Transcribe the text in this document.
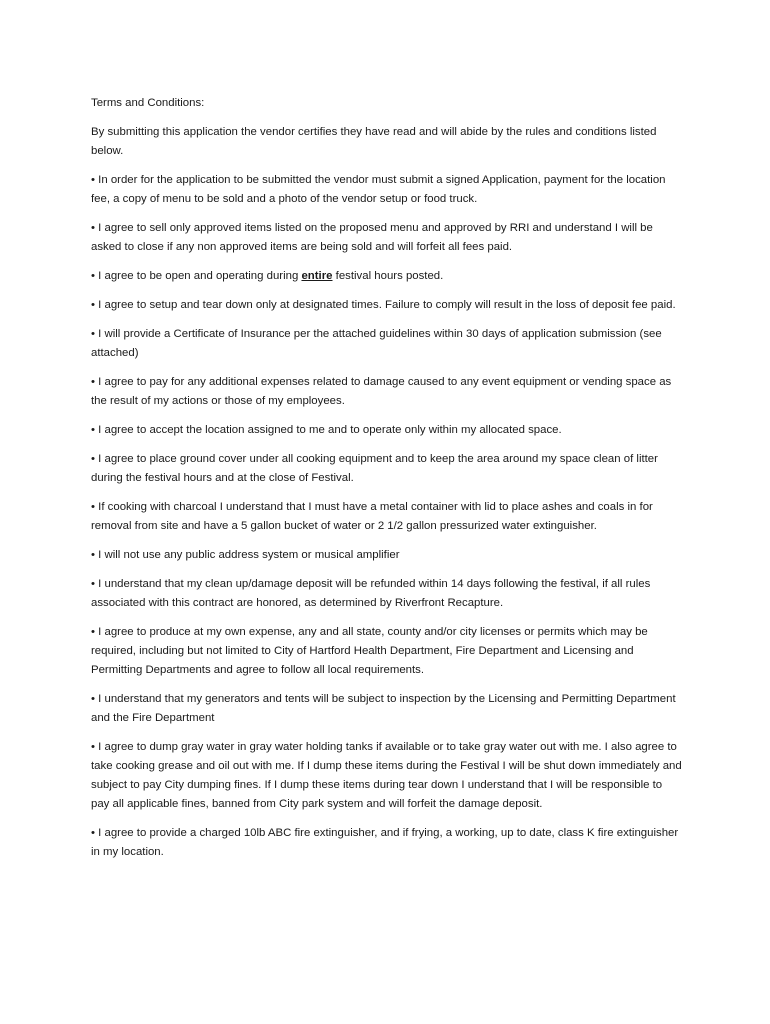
Terms and Conditions:
By submitting this application the vendor certifies they have read and will abide by the rules and conditions listed below.
• In order for the application to be submitted the vendor must submit a signed Application, payment for the location fee, a copy of menu to be sold and a photo of the vendor setup or food truck.
• I agree to sell only approved items listed on the proposed menu and approved by RRI and understand I will be asked to close if any non approved items are being sold and will forfeit all fees paid.
• I agree to be open and operating during entire festival hours posted.
• I agree to setup and tear down only at designated times. Failure to comply will result in the loss of deposit fee paid.
• I will provide a Certificate of Insurance per the attached guidelines within 30 days of application submission (see attached)
• I agree to pay for any additional expenses related to damage caused to any event equipment or vending space as the result of my actions or those of my employees.
• I agree to accept the location assigned to me and to operate only within my allocated space.
• I agree to place ground cover under all cooking equipment and to keep the area around my space clean of litter during the festival hours and at the close of Festival.
• If cooking with charcoal I understand that I must have a metal container with lid to place ashes and coals in for removal from site and have a 5 gallon bucket of water or 2 1/2 gallon pressurized water extinguisher.
• I will not use any public address system or musical amplifier
• I understand that my clean up/damage deposit will be refunded within 14 days following the festival, if all rules associated with this contract are honored, as determined by Riverfront Recapture.
• I agree to produce at my own expense, any and all state, county and/or city licenses or permits which may be required, including but not limited to City of Hartford Health Department, Fire Department and Licensing and Permitting Departments and agree to follow all local requirements.
• I understand that my generators and tents will be subject to inspection by the Licensing and Permitting Department and the Fire Department
• I agree to dump gray water in gray water holding tanks if available or to take gray water out with me. I also agree to take cooking grease and oil out with me. If I dump these items during the Festival I will be shut down immediately and subject to pay City dumping fines. If I dump these items during tear down I understand that I will be responsible to pay all applicable fines, banned from City park system and will forfeit the damage deposit.
• I agree to provide a charged 10lb ABC fire extinguisher, and if frying, a working, up to date, class K fire extinguisher in my location.
